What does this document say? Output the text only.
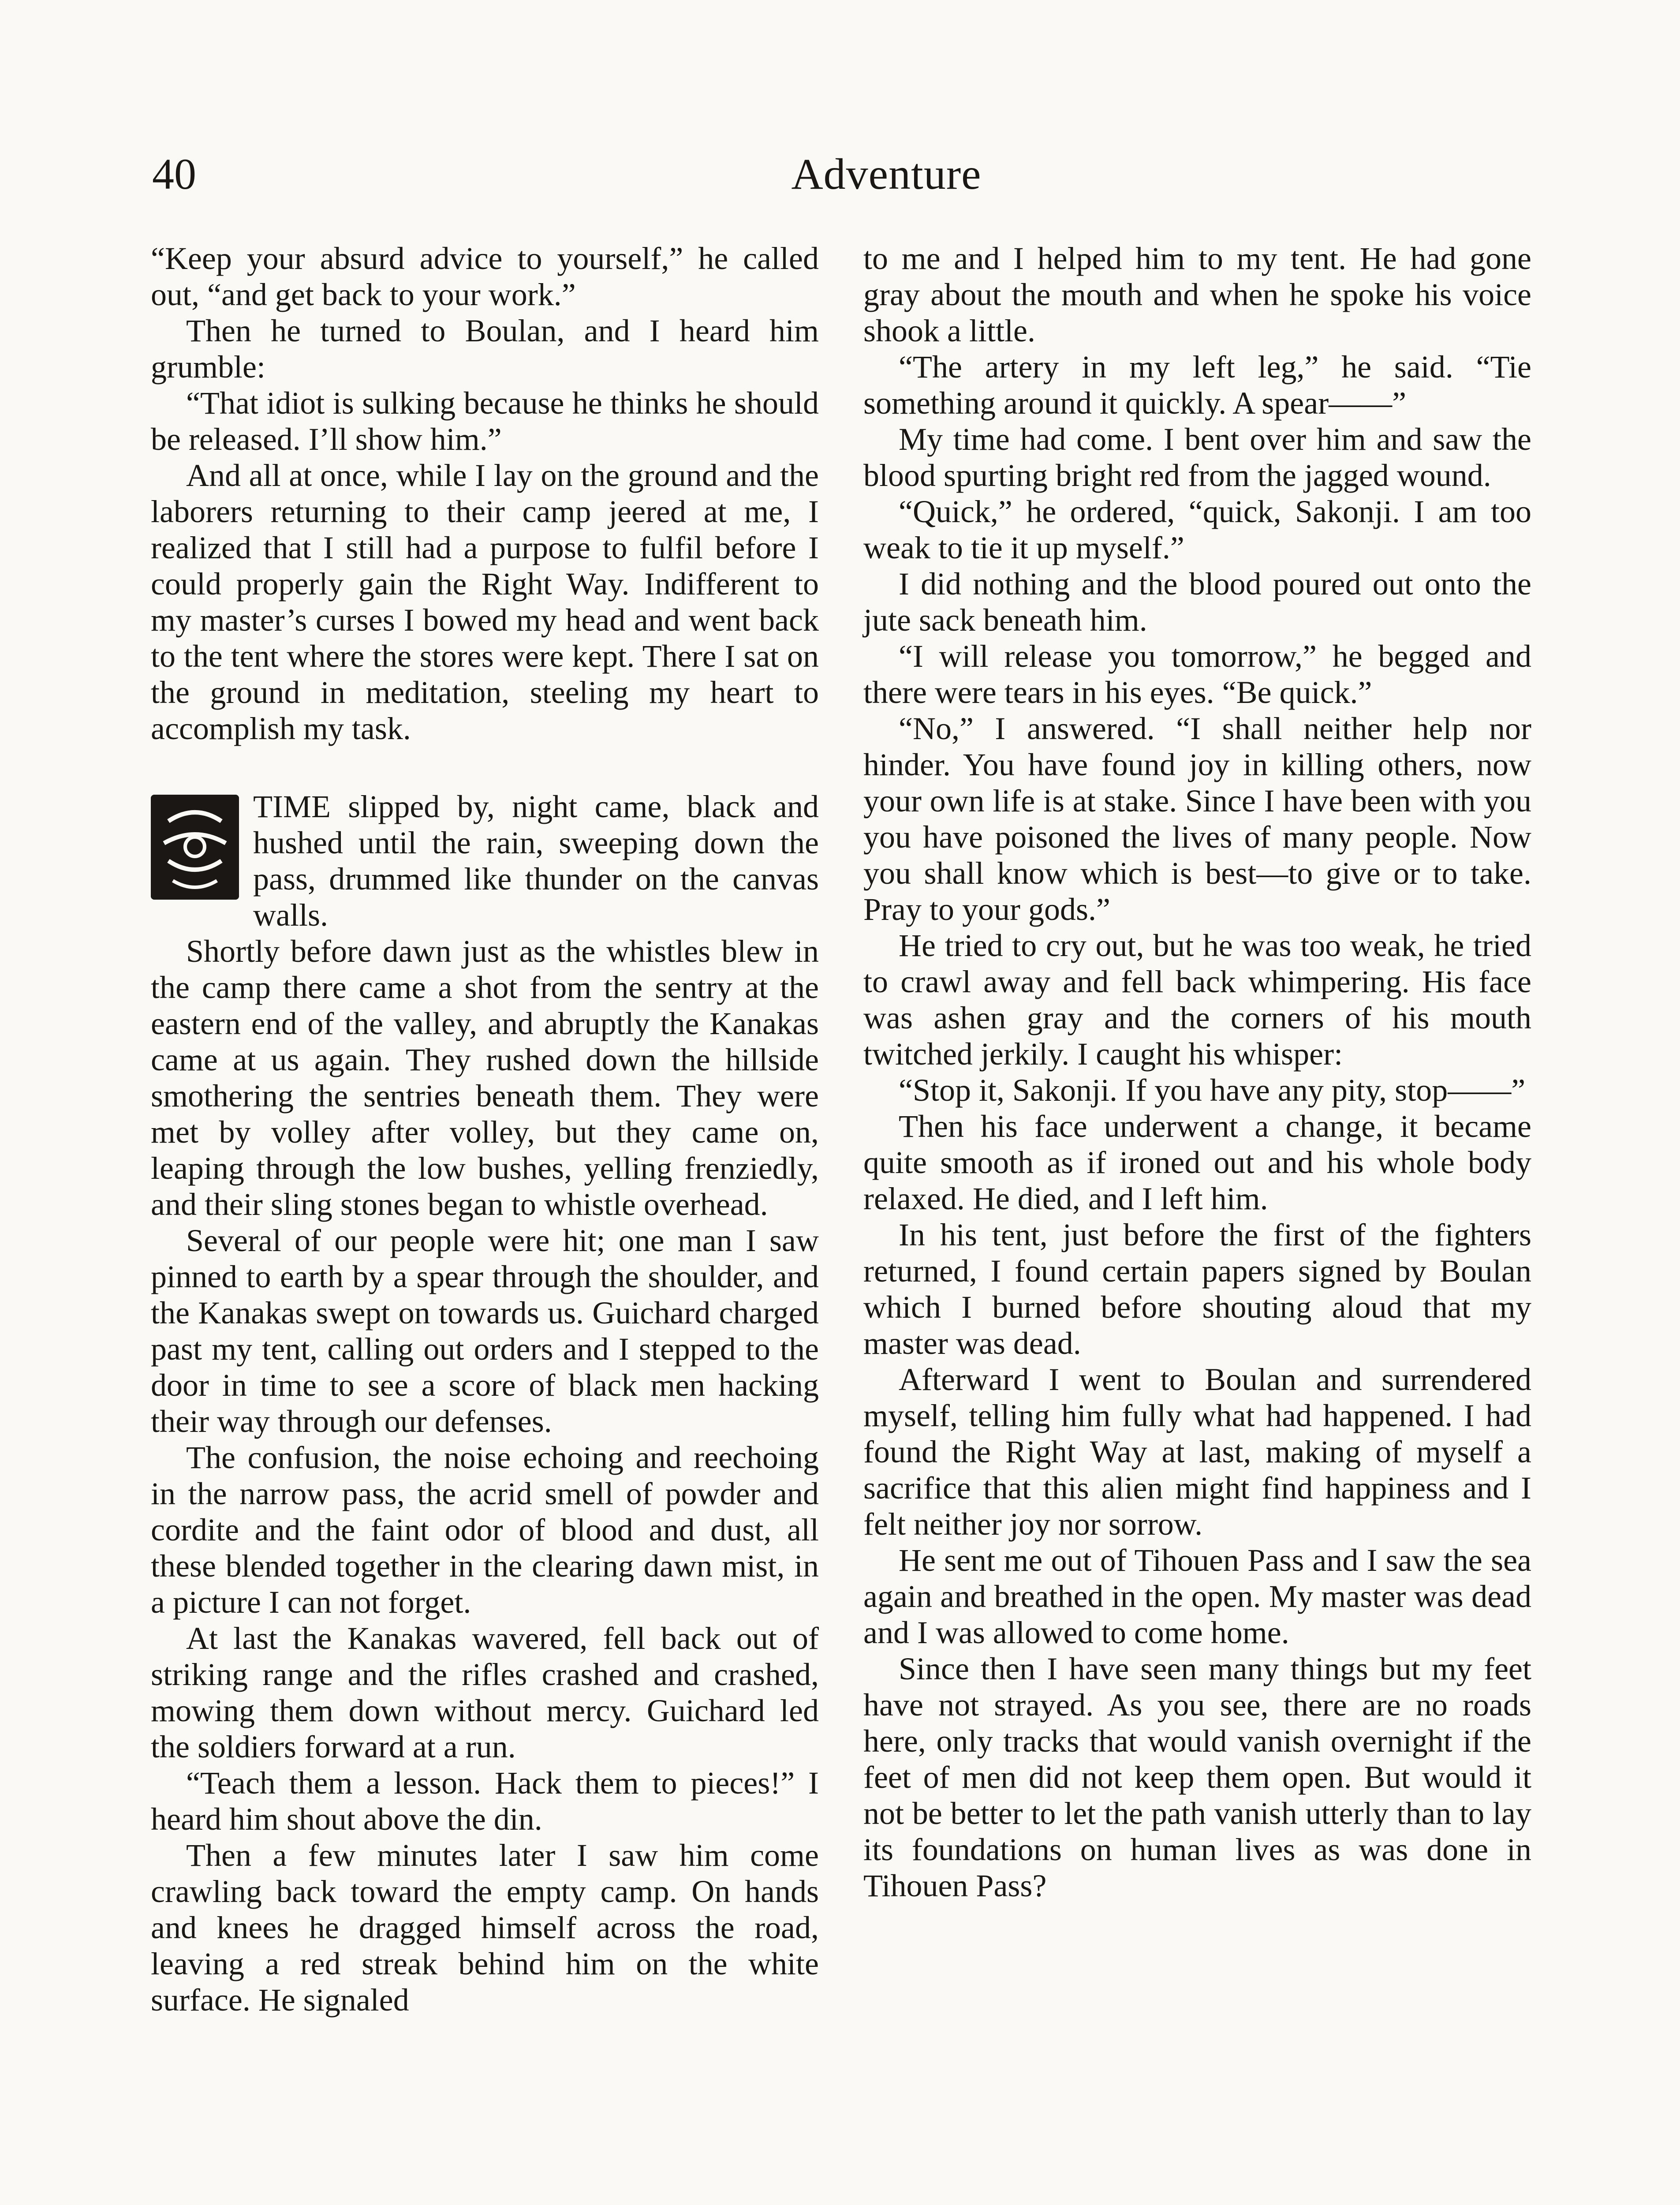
40	Adventure

“Keep your absurd advice to yourself,” he called out, “and get back to your work.”

Then he turned to Boulan, and I heard him grumble:

“That idiot is sulking because he thinks he should be released. I’ll show him.”

And all at once, while I lay on the ground and the laborers returning to their camp jeered at me, I realized that I still had a purpose to fulfil before I could properly gain the Right Way. Indifferent to my master’s curses I bowed my head and went back to the tent where the stores were kept. There I sat on the ground in meditation, steeling my heart to accomplish my task.

TIME slipped by, night came, black and hushed until the rain, sweeping down the pass, drummed like thunder on the canvas walls.

Shortly before dawn just as the whistles blew in the camp there came a shot from the sentry at the eastern end of the valley, and abruptly the Kanakas came at us again. They rushed down the hillside smothering the sentries beneath them. They were met by volley after volley, but they came on, leaping through the low bushes, yelling frenziedly, and their sling stones began to whistle overhead.

Several of our people were hit; one man I saw pinned to earth by a spear through the shoulder, and the Kanakas swept on towards us. Guichard charged past my tent, calling out orders and I stepped to the door in time to see a score of black men hacking their way through our defenses.

The confusion, the noise echoing and reechoing in the narrow pass, the acrid smell of powder and cordite and the faint odor of blood and dust, all these blended together in the clearing dawn mist, in a picture I can not forget.

At last the Kanakas wavered, fell back out of striking range and the rifles crashed and crashed, mowing them down without mercy. Guichard led the soldiers forward at a run.

“Teach them a lesson. Hack them to pieces!” I heard him shout above the din.

Then a few minutes later I saw him come crawling back toward the empty camp. On hands and knees he dragged himself across the road, leaving a red streak behind him on the white surface. He signaled

to me and I helped him to my tent. He had gone gray about the mouth and when he spoke his voice shook a little.

“The artery in my left leg,” he said. “Tie something around it quickly. A spear——”

My time had come. I bent over him and saw the blood spurting bright red from the jagged wound.

“Quick,” he ordered, “quick, Sakonji. I am too weak to tie it up myself.”

I did nothing and the blood poured out onto the jute sack beneath him.

“I will release you tomorrow,” he begged and there were tears in his eyes. “Be quick.”

“No,” I answered. “I shall neither help nor hinder. You have found joy in killing others, now your own life is at stake. Since I have been with you you have poisoned the lives of many people. Now you shall know which is best—to give or to take. Pray to your gods.”

He tried to cry out, but he was too weak, he tried to crawl away and fell back whimpering. His face was ashen gray and the corners of his mouth twitched jerkily. I caught his whisper:

“Stop it, Sakonji. If you have any pity, stop——”

Then his face underwent a change, it became quite smooth as if ironed out and his whole body relaxed. He died, and I left him.

In his tent, just before the first of the fighters returned, I found certain papers signed by Boulan which I burned before shouting aloud that my master was dead.

Afterward I went to Boulan and surrendered myself, telling him fully what had happened. I had found the Right Way at last, making of myself a sacrifice that this alien might find happiness and I felt neither joy nor sorrow.

He sent me out of Tihouen Pass and I saw the sea again and breathed in the open. My master was dead and I was allowed to come home.

Since then I have seen many things but my feet have not strayed. As you see, there are no roads here, only tracks that would vanish overnight if the feet of men did not keep them open. But would it not be better to let the path vanish utterly than to lay its foundations on human lives as was done in Tihouen Pass?
